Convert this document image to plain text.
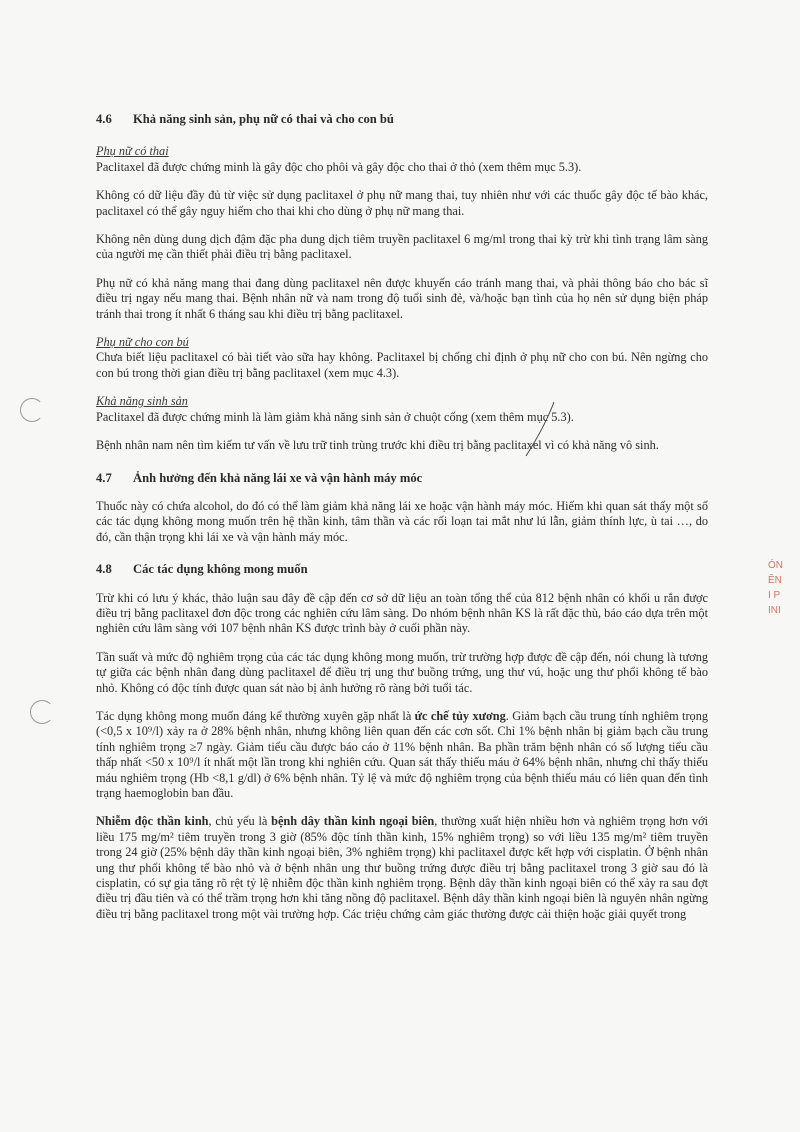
ÓN
ÊN
I P
INI
4.6	Khả năng sinh sản, phụ nữ có thai và cho con bú

Phụ nữ có thai

Paclitaxel đã được chứng minh là gây độc cho phôi và gây độc cho thai ở thỏ (xem thêm mục 5.3).

Không có dữ liệu đầy đủ từ việc sử dụng paclitaxel ở phụ nữ mang thai, tuy nhiên như với các thuốc gây độc tế bào khác, paclitaxel có thể gây nguy hiểm cho thai khi cho dùng ở phụ nữ mang thai.

Không nên dùng dung dịch đậm đặc pha dung dịch tiêm truyền paclitaxel 6 mg/ml trong thai kỳ trừ khi tình trạng lâm sàng của người mẹ cần thiết phải điều trị bằng paclitaxel.

Phụ nữ có khả năng mang thai đang dùng paclitaxel nên được khuyến cáo tránh mang thai, và phải thông báo cho bác sĩ điều trị ngay nếu mang thai. Bệnh nhân nữ và nam trong độ tuổi sinh đẻ, và/hoặc bạn tình của họ nên sử dụng biện pháp tránh thai trong ít nhất 6 tháng sau khi điều trị bằng paclitaxel.

Phụ nữ cho con bú

Chưa biết liệu paclitaxel có bài tiết vào sữa hay không. Paclitaxel bị chống chỉ định ở phụ nữ cho con bú. Nên ngừng cho con bú trong thời gian điều trị bằng paclitaxel (xem mục 4.3).

Khả năng sinh sản

Paclitaxel đã được chứng minh là làm giảm khả năng sinh sản ở chuột cống (xem thêm mục 5.3).

Bệnh nhân nam nên tìm kiếm tư vấn về lưu trữ tinh trùng trước khi điều trị bằng paclitaxel vì có khả năng vô sinh.

4.7	Ảnh hưởng đến khả năng lái xe và vận hành máy móc

Thuốc này có chứa alcohol, do đó có thể làm giảm khả năng lái xe hoặc vận hành máy móc. Hiếm khi quan sát thấy một số các tác dụng không mong muốn trên hệ thần kinh, tâm thần và các rối loạn tai mắt như lú lẫn, giảm thính lực, ù tai …, do đó, cần thận trọng khi lái xe và vận hành máy móc.

4.8	Các tác dụng không mong muốn

Trừ khi có lưu ý khác, thảo luận sau đây đề cập đến cơ sở dữ liệu an toàn tổng thể của 812 bệnh nhân có khối u rắn được điều trị bằng paclitaxel đơn độc trong các nghiên cứu lâm sàng. Do nhóm bệnh nhân KS là rất đặc thù, báo cáo dựa trên một nghiên cứu lâm sàng với 107 bệnh nhân KS được trình bày ở cuối phần này.

Tần suất và mức độ nghiêm trọng của các tác dụng không mong muốn, trừ trường hợp được đề cập đến, nói chung là tương tự giữa các bệnh nhân đang dùng paclitaxel để điều trị ung thư buồng trứng, ung thư vú, hoặc ung thư phổi không tế bào nhỏ. Không có độc tính được quan sát nào bị ảnh hưởng rõ ràng bởi tuổi tác.

Tác dụng không mong muốn đáng kể thường xuyên gặp nhất là ức chế tủy xương. Giảm bạch cầu trung tính nghiêm trọng (<0,5 x 10⁹/l) xảy ra ở 28% bệnh nhân, nhưng không liên quan đến các cơn sốt. Chỉ 1% bệnh nhân bị giảm bạch cầu trung tính nghiêm trọng ≥7 ngày. Giảm tiểu cầu được báo cáo ở 11% bệnh nhân. Ba phần trăm bệnh nhân có số lượng tiểu cầu thấp nhất <50 x 10⁹/l ít nhất một lần trong khi nghiên cứu. Quan sát thấy thiếu máu ở 64% bệnh nhân, nhưng chỉ thấy thiếu máu nghiêm trọng (Hb <8,1 g/dl) ở 6% bệnh nhân. Tỷ lệ và mức độ nghiêm trọng của bệnh thiếu máu có liên quan đến tình trạng haemoglobin ban đầu.

Nhiễm độc thần kinh, chủ yếu là bệnh dây thần kinh ngoại biên, thường xuất hiện nhiều hơn và nghiêm trọng hơn với liều 175 mg/m² tiêm truyền trong 3 giờ (85% độc tính thần kinh, 15% nghiêm trọng) so với liều 135 mg/m² tiêm truyền trong 24 giờ (25% bệnh dây thần kinh ngoại biên, 3% nghiêm trọng) khi paclitaxel được kết hợp với cisplatin. Ở bệnh nhân ung thư phổi không tế bào nhỏ và ở bệnh nhân ung thư buồng trứng được điều trị bằng paclitaxel trong 3 giờ sau đó là cisplatin, có sự gia tăng rõ rệt tỷ lệ nhiễm độc thần kinh nghiêm trọng. Bệnh dây thần kinh ngoại biên có thể xảy ra sau đợt điều trị đầu tiên và có thể trầm trọng hơn khi tăng nồng độ paclitaxel. Bệnh dây thần kinh ngoại biên là nguyên nhân ngừng điều trị bằng paclitaxel trong một vài trường hợp. Các triệu chứng cảm giác thường được cải thiện hoặc giải quyết trong
